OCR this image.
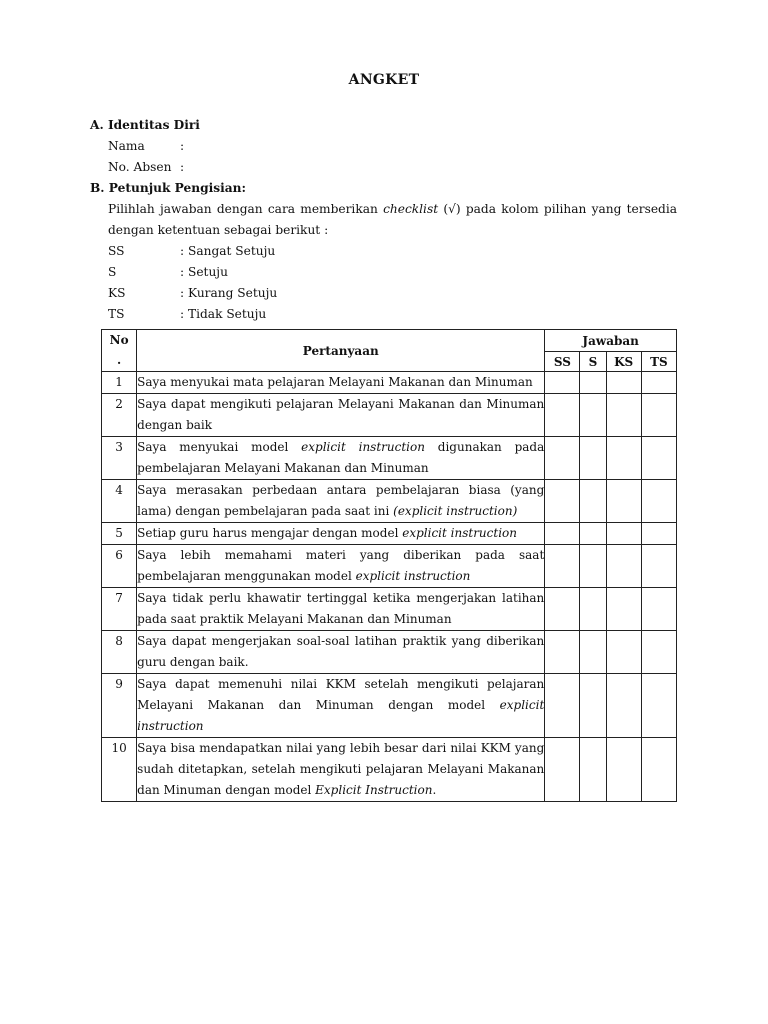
ANGKET
A. Identitas Diri
Nama	:
No. Absen :
B. Petunjuk Pengisian:
Pilihlah jawaban dengan cara memberikan checklist (√) pada kolom pilihan yang tersedia
dengan ketentuan sebagai berikut :
SS	: Sangat Setuju
S	: Setuju
KS	: Kurang Setuju
TS	: Tidak Setuju
No
.	Pertanyaan	Jawaban			
		SS	S	KS	TS
1	Saya menyukai mata pelajaran Melayani Makanan dan Minuman				
2	Saya dapat mengikuti pelajaran Melayani Makanan dan Minuman dengan baik				
3	Saya menyukai model explicit instruction digunakan pada pembelajaran Melayani Makanan dan Minuman				
4	Saya merasakan perbedaan antara pembelajaran biasa (yang lama) dengan pembelajaran pada saat ini (explicit instruction)				
5	Setiap guru harus mengajar dengan model explicit instruction				
6	Saya lebih memahami materi yang diberikan pada saat pembelajaran menggunakan model explicit instruction				
7	Saya tidak perlu khawatir tertinggal ketika mengerjakan latihan pada saat praktik Melayani Makanan dan Minuman				
8	Saya dapat mengerjakan soal-soal latihan praktik yang diberikan guru dengan baik.				
9	Saya dapat memenuhi nilai KKM setelah mengikuti pelajaran Melayani Makanan dan Minuman dengan model explicit instruction				
10	Saya bisa mendapatkan nilai yang lebih besar dari nilai KKM yang sudah ditetapkan, setelah mengikuti pelajaran Melayani Makanan dan Minuman dengan model Explicit Instruction.				
